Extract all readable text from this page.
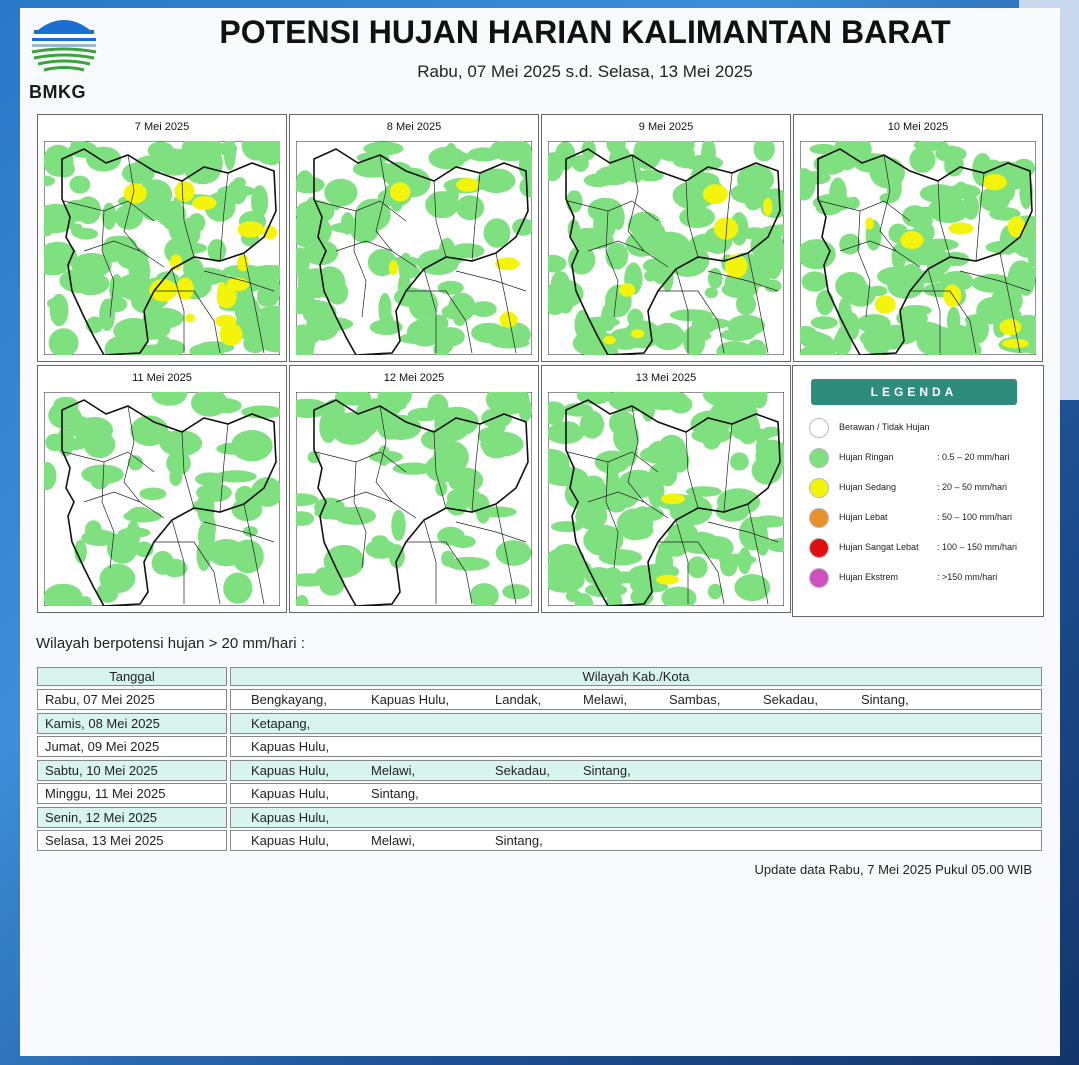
BMKG
POTENSI HUJAN HARIAN KALIMANTAN BARAT
Rabu, 07 Mei 2025 s.d. Selasa, 13 Mei 2025
7 Mei 2025	8 Mei 2025	9 Mei 2025	10 Mei 2025
11 Mei 2025	12 Mei 2025	13 Mei 2025
LEGENDA
Berawan / Tidak Hujan
Hujan Ringan	: 0.5 – 20 mm/hari
Hujan Sedang	: 20 – 50 mm/hari
Hujan Lebat	: 50 – 100 mm/hari
Hujan Sangat Lebat : 100 – 150 mm/hari
Hujan Ekstrem	: >150 mm/hari
Wilayah berpotensi hujan > 20 mm/hari :
Tanggal	Wilayah Kab./Kota
Rabu, 07 Mei 2025	Bengkayang,	Kapuas Hulu,	Landak,	Melawi,	Sambas,	Sekadau,	Sintang,
Kamis, 08 Mei 2025	Ketapang,
Jumat, 09 Mei 2025	Kapuas Hulu,
Sabtu, 10 Mei 2025	Kapuas Hulu,	Melawi,	Sekadau,	Sintang,
Minggu, 11 Mei 2025	Kapuas Hulu,	Sintang,
Senin, 12 Mei 2025	Kapuas Hulu,
Selasa, 13 Mei 2025	Kapuas Hulu,	Melawi,	Sintang,
Update data Rabu, 7 Mei 2025 Pukul 05.00 WIB
